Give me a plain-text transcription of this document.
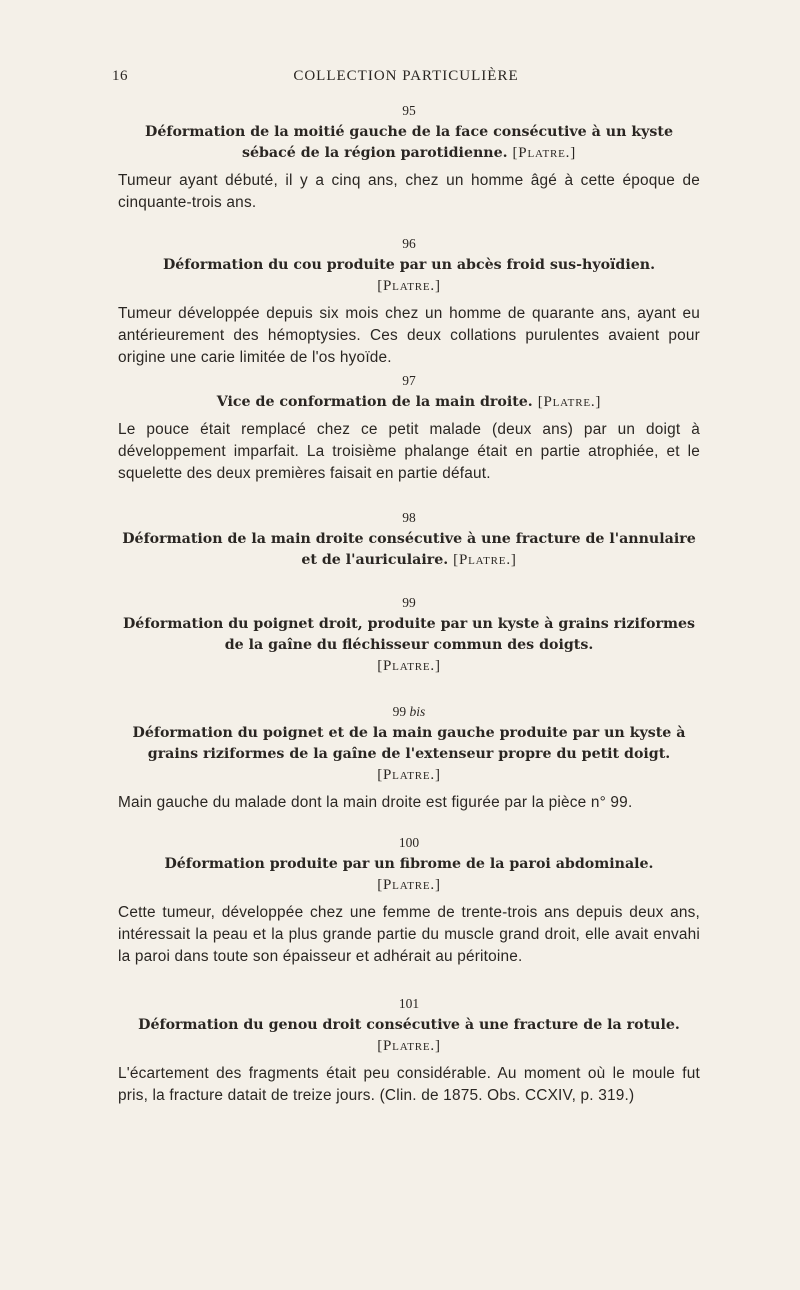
16	COLLECTION PARTICULIÈRE
95
Déformation de la moitié gauche de la face consécutive à un kyste sébacé de la région parotidienne. [Platre.]
Tumeur ayant débuté, il y a cinq ans, chez un homme âgé à cette époque de cinquante-trois ans.
96
Déformation du cou produite par un abcès froid sus-hyoïdien.
[Platre.]
Tumeur développée depuis six mois chez un homme de quarante ans, ayant eu antérieurement des hémoptysies. Ces deux collations purulentes avaient pour origine une carie limitée de l'os hyoïde.
97
Vice de conformation de la main droite. [Platre.]
Le pouce était remplacé chez ce petit malade (deux ans) par un doigt à développement imparfait. La troisième phalange était en partie atrophiée, et le squelette des deux premières faisait en partie défaut.
98
Déformation de la main droite consécutive à une fracture de l'annulaire et de l'auriculaire. [Platre.]
99
Déformation du poignet droit, produite par un kyste à grains riziformes de la gaîne du fléchisseur commun des doigts.
[Platre.]
99 bis
Déformation du poignet et de la main gauche produite par un kyste à grains riziformes de la gaîne de l'extenseur propre du petit doigt. [Platre.]
Main gauche du malade dont la main droite est figurée par la pièce n° 99.
100
Déformation produite par un fibrome de la paroi abdominale.
[Platre.]
Cette tumeur, développée chez une femme de trente-trois ans depuis deux ans, intéressait la peau et la plus grande partie du muscle grand droit, elle avait envahi la paroi dans toute son épaisseur et adhérait au péritoine.
101
Déformation du genou droit consécutive à une fracture de la rotule. [Platre.]
L'écartement des fragments était peu considérable. Au moment où le moule fut pris, la fracture datait de treize jours. (Clin. de 1875. Obs. CCXIV, p. 319.)
